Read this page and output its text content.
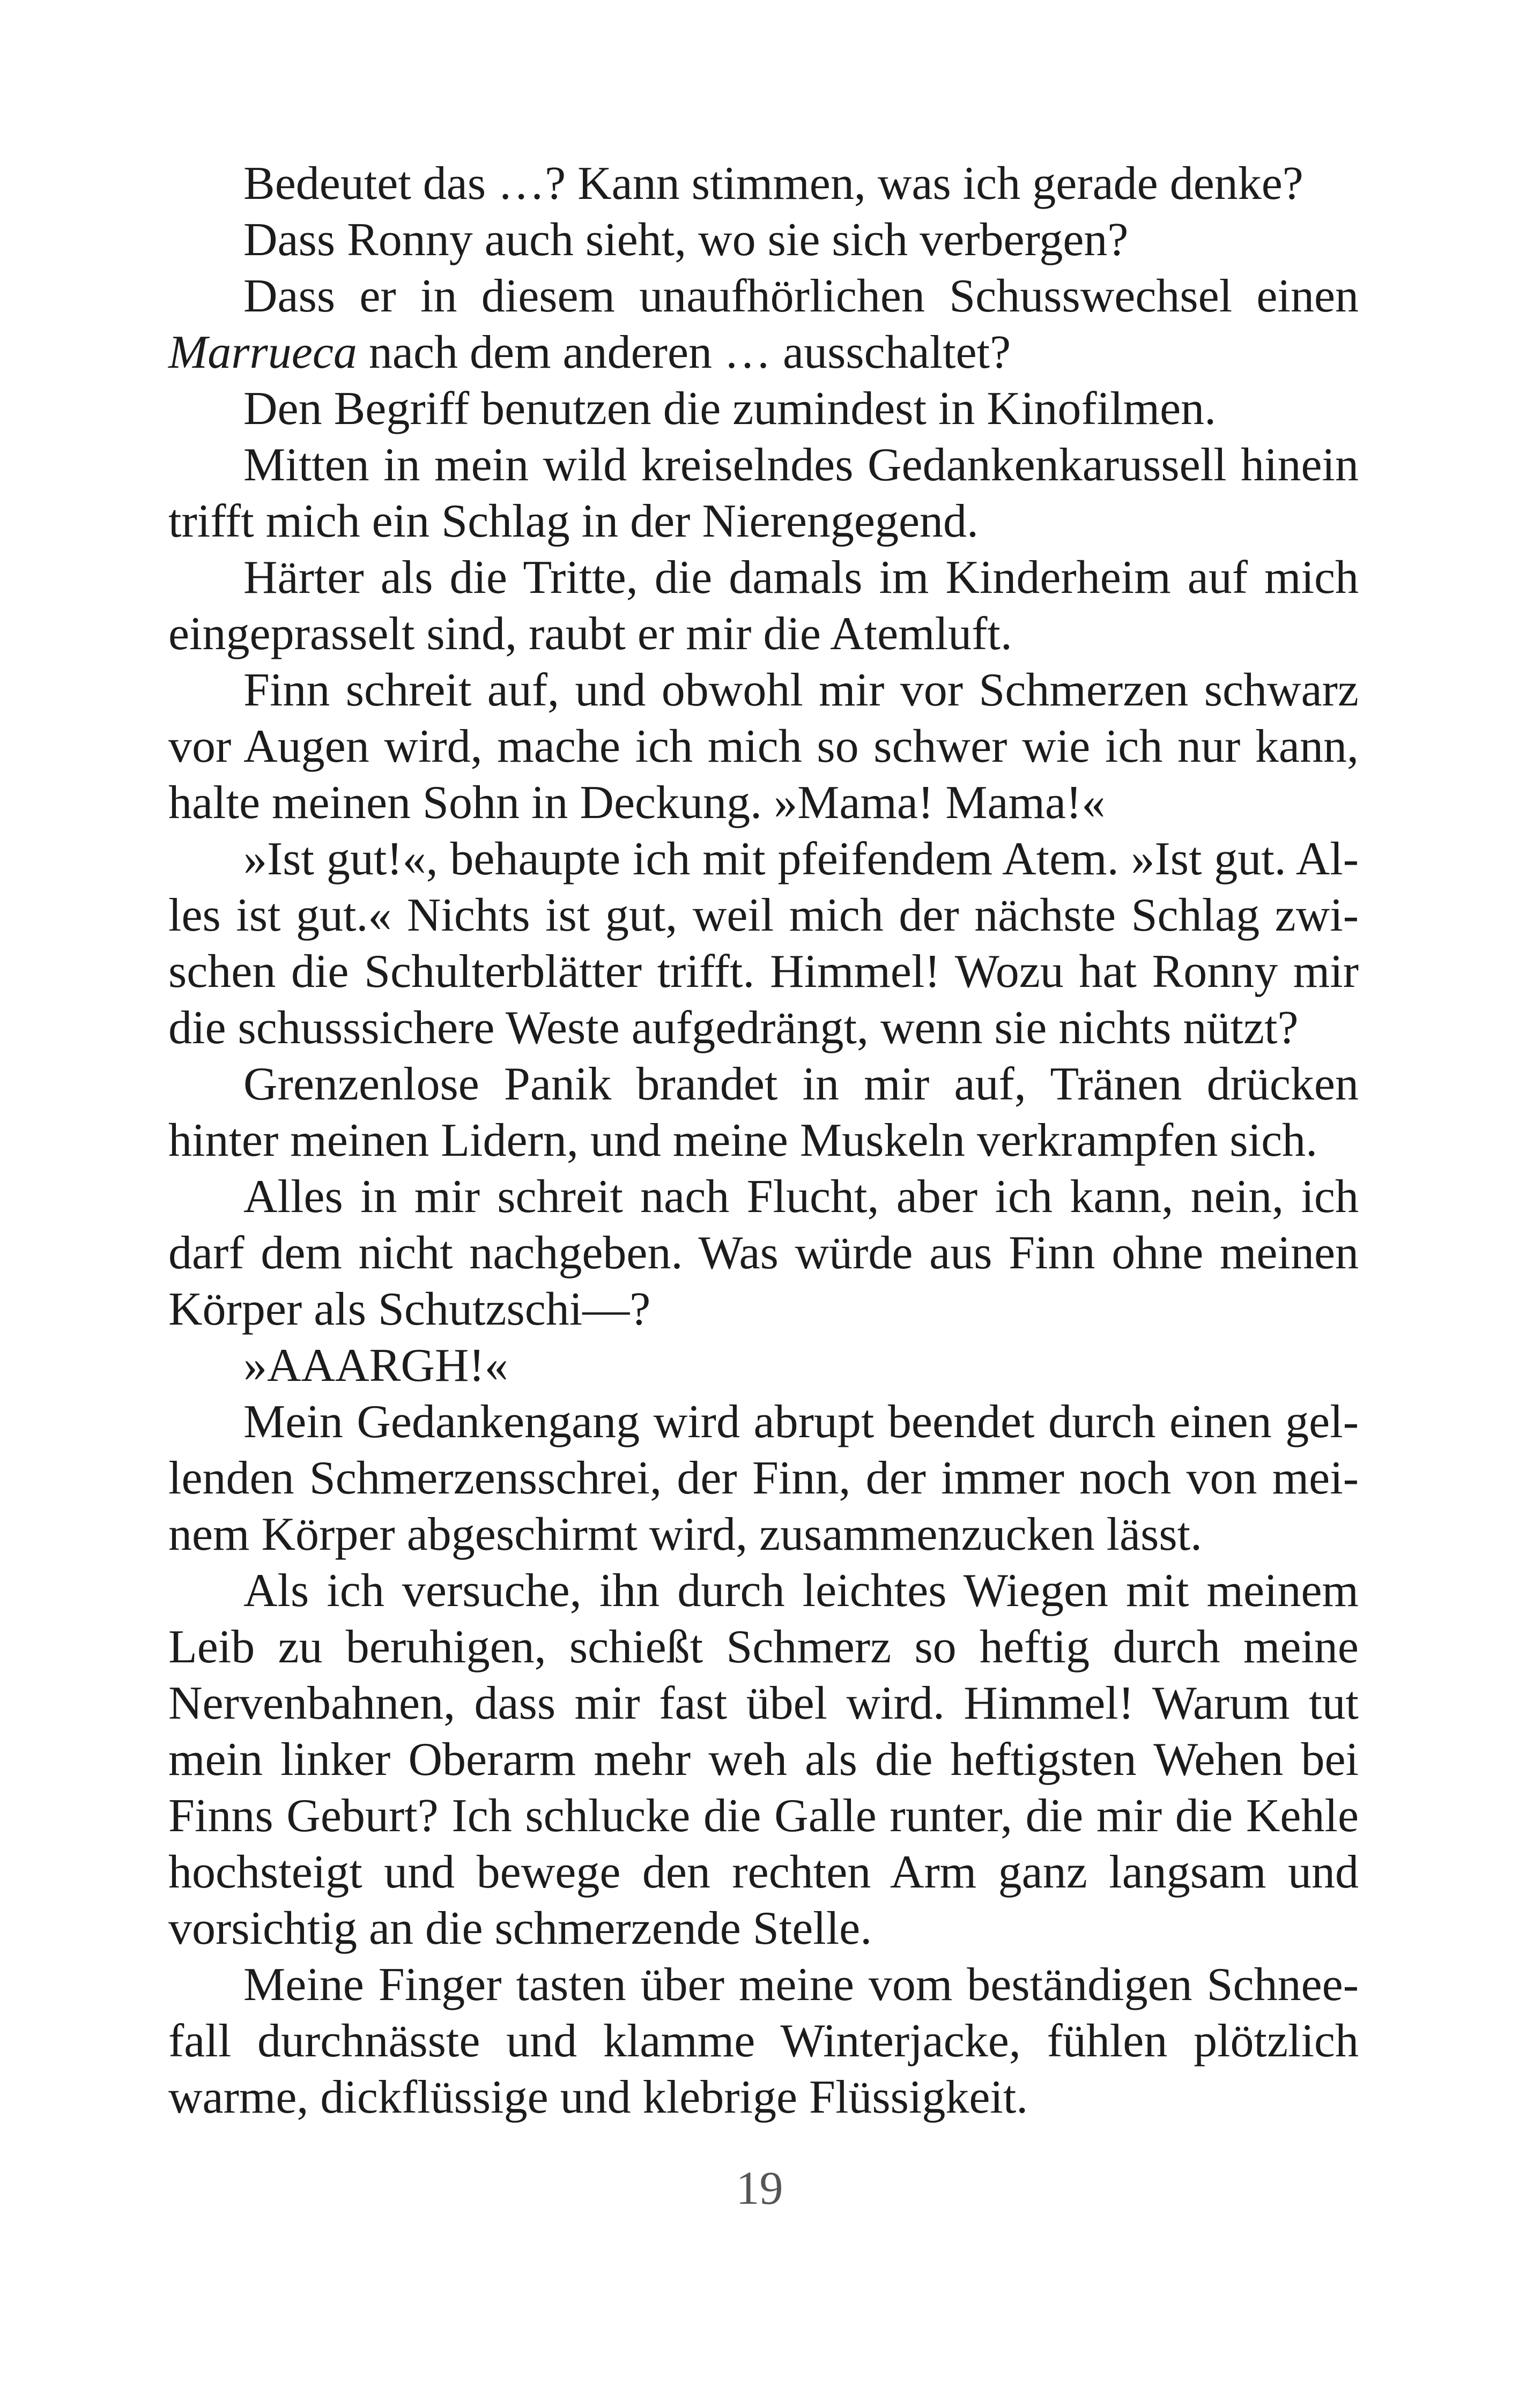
Bedeutet das …? Kann stimmen, was ich gerade denke?
Dass Ronny auch sieht, wo sie sich verbergen?
Dass er in diesem unaufhörlichen Schusswechsel einen
Marrueca nach dem anderen … ausschaltet?
Den Begriff benutzen die zumindest in Kinofilmen.
Mitten in mein wild kreiselndes Gedankenkarussell hinein
trifft mich ein Schlag in der Nierengegend.
Härter als die Tritte, die damals im Kinderheim auf mich
eingeprasselt sind, raubt er mir die Atemluft.
Finn schreit auf, und obwohl mir vor Schmerzen schwarz
vor Augen wird, mache ich mich so schwer wie ich nur kann,
halte meinen Sohn in Deckung. »Mama! Mama!«
»Ist gut!«, behaupte ich mit pfeifendem Atem. »Ist gut. Al-
les ist gut.« Nichts ist gut, weil mich der nächste Schlag zwi-
schen die Schulterblätter trifft. Himmel! Wozu hat Ronny mir
die schusssichere Weste aufgedrängt, wenn sie nichts nützt?
Grenzenlose Panik brandet in mir auf, Tränen drücken
hinter meinen Lidern, und meine Muskeln verkrampfen sich.
Alles in mir schreit nach Flucht, aber ich kann, nein, ich
darf dem nicht nachgeben. Was würde aus Finn ohne meinen
Körper als Schutzschi—?
»AAARGH!«
Mein Gedankengang wird abrupt beendet durch einen gel-
lenden Schmerzensschrei, der Finn, der immer noch von mei-
nem Körper abgeschirmt wird, zusammenzucken lässt.
Als ich versuche, ihn durch leichtes Wiegen mit meinem
Leib zu beruhigen, schießt Schmerz so heftig durch meine
Nervenbahnen, dass mir fast übel wird. Himmel! Warum tut
mein linker Oberarm mehr weh als die heftigsten Wehen bei
Finns Geburt? Ich schlucke die Galle runter, die mir die Kehle
hochsteigt und bewege den rechten Arm ganz langsam und
vorsichtig an die schmerzende Stelle.
Meine Finger tasten über meine vom beständigen Schnee-
fall durchnässte und klamme Winterjacke, fühlen plötzlich
warme, dickflüssige und klebrige Flüssigkeit.
19
